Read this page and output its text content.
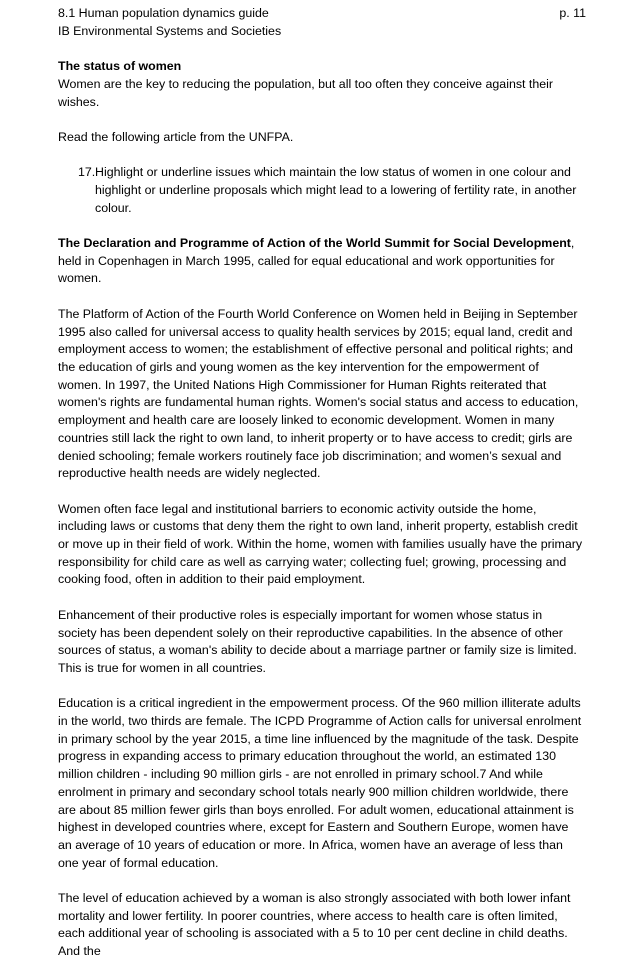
8.1 Human population dynamics guide	p. 11

IB Environmental Systems and Societies

The status of women

Women are the key to reducing the population, but all too often they conceive against their wishes.

Read the following article from the UNFPA.

17. Highlight or underline issues which maintain the low status of women in one colour and highlight or underline proposals which might lead to a lowering of fertility rate, in another colour.

The Declaration and Programme of Action of the World Summit for Social Development, held in Copenhagen in March 1995, called for equal educational and work opportunities for women.

The Platform of Action of the Fourth World Conference on Women held in Beijing in September 1995 also called for universal access to quality health services by 2015; equal land, credit and employment access to women; the establishment of effective personal and political rights; and the education of girls and young women as the key intervention for the empowerment of women. In 1997, the United Nations High Commissioner for Human Rights reiterated that women's rights are fundamental human rights. Women's social status and access to education, employment and health care are loosely linked to economic development. Women in many countries still lack the right to own land, to inherit property or to have access to credit; girls are denied schooling; female workers routinely face job discrimination; and women’s sexual and reproductive health needs are widely neglected.

Women often face legal and institutional barriers to economic activity outside the home, including laws or customs that deny them the right to own land, inherit property, establish credit or move up in their field of work. Within the home, women with families usually have the primary responsibility for child care as well as carrying water; collecting fuel; growing, processing and cooking food, often in addition to their paid employment.

Enhancement of their productive roles is especially important for women whose status in society has been dependent solely on their reproductive capabilities. In the absence of other sources of status, a woman's ability to decide about a marriage partner or family size is limited. This is true for women in all countries.

Education is a critical ingredient in the empowerment process. Of the 960 million illiterate adults in the world, two thirds are female. The ICPD Programme of Action calls for universal enrolment in primary school by the year 2015, a time line influenced by the magnitude of the task. Despite progress in expanding access to primary education throughout the world, an estimated 130 million children - including 90 million girls - are not enrolled in primary school.7 And while enrolment in primary and secondary school totals nearly 900 million children worldwide, there are about 85 million fewer girls than boys enrolled. For adult women, educational attainment is highest in developed countries where, except for Eastern and Southern Europe, women have an average of 10 years of education or more. In Africa, women have an average of less than one year of formal education.

The level of education achieved by a woman is also strongly associated with both lower infant mortality and lower fertility. In poorer countries, where access to health care is often limited, each additional year of schooling is associated with a 5 to 10 per cent decline in child deaths. And the
